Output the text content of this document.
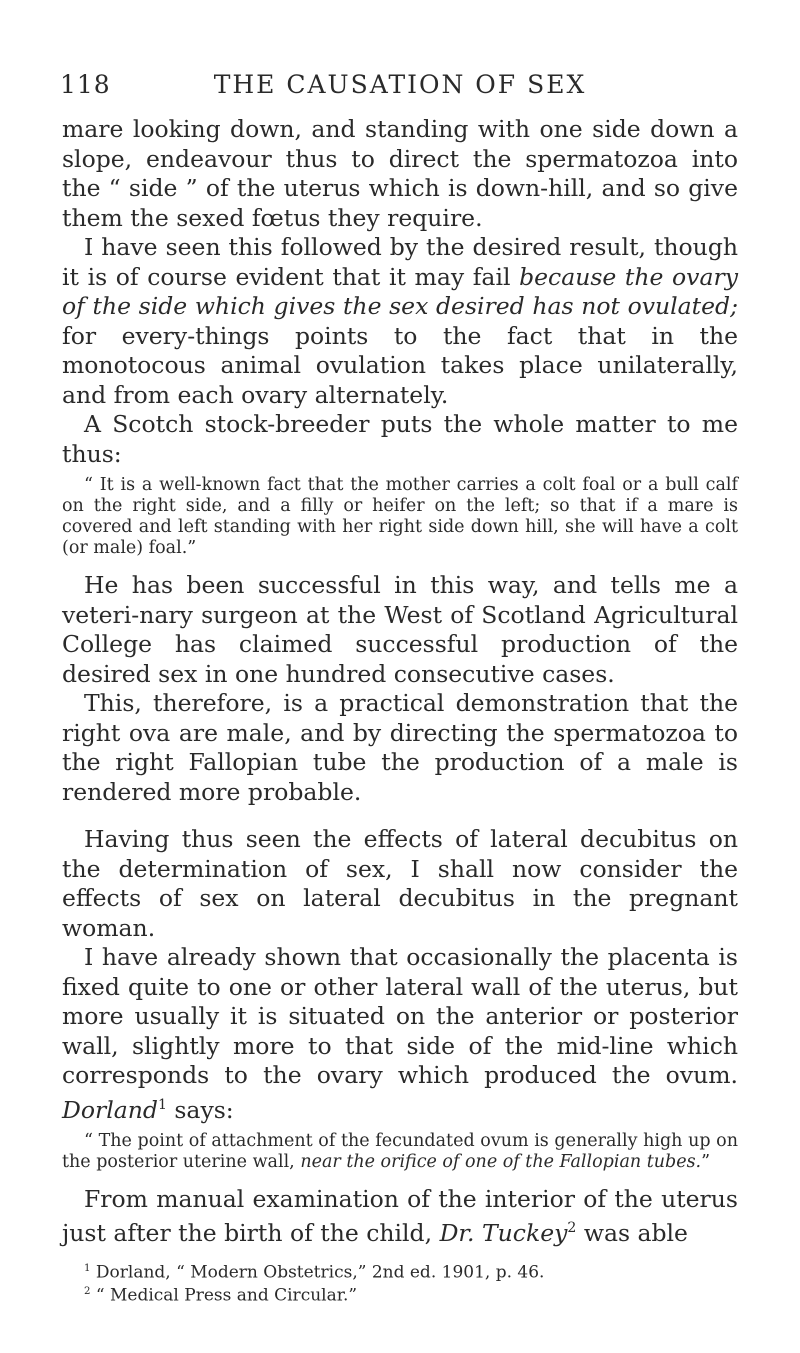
118	THE CAUSATION OF SEX

mare looking down, and standing with one side down a slope, endeavour thus to direct the spermatozoa into the “ side ” of the uterus which is down-hill, and so give them the sexed fœtus they require.

I have seen this followed by the desired result, though it is of course evident that it may fail because the ovary of the side which gives the sex desired has not ovulated; for every-things points to the fact that in the monotocous animal ovulation takes place unilaterally, and from each ovary alternately.

A Scotch stock-breeder puts the whole matter to me thus:

“ It is a well-known fact that the mother carries a colt foal or a bull calf on the right side, and a filly or heifer on the left; so that if a mare is covered and left standing with her right side down hill, she will have a colt (or male) foal.”

He has been successful in this way, and tells me a veteri-nary surgeon at the West of Scotland Agricultural College has claimed successful production of the desired sex in one hundred consecutive cases.

This, therefore, is a practical demonstration that the right ova are male, and by directing the spermatozoa to the right Fallopian tube the production of a male is rendered more probable.

Having thus seen the effects of lateral decubitus on the determination of sex, I shall now consider the effects of sex on lateral decubitus in the pregnant woman.

I have already shown that occasionally the placenta is fixed quite to one or other lateral wall of the uterus, but more usually it is situated on the anterior or posterior wall, slightly more to that side of the mid-line which corresponds to the ovary which produced the ovum. Dorland$^1$ says:

“ The point of attachment of the fecundated ovum is generally high up on the posterior uterine wall, near the orifice of one of the Fallopian tubes.”

From manual examination of the interior of the uterus just after the birth of the child, Dr. Tuckey$^2$ was able

$^1$ Dorland, “ Modern Obstetrics,” 2nd ed. 1901, p. 46.
$^2$ “ Medical Press and Circular.”
